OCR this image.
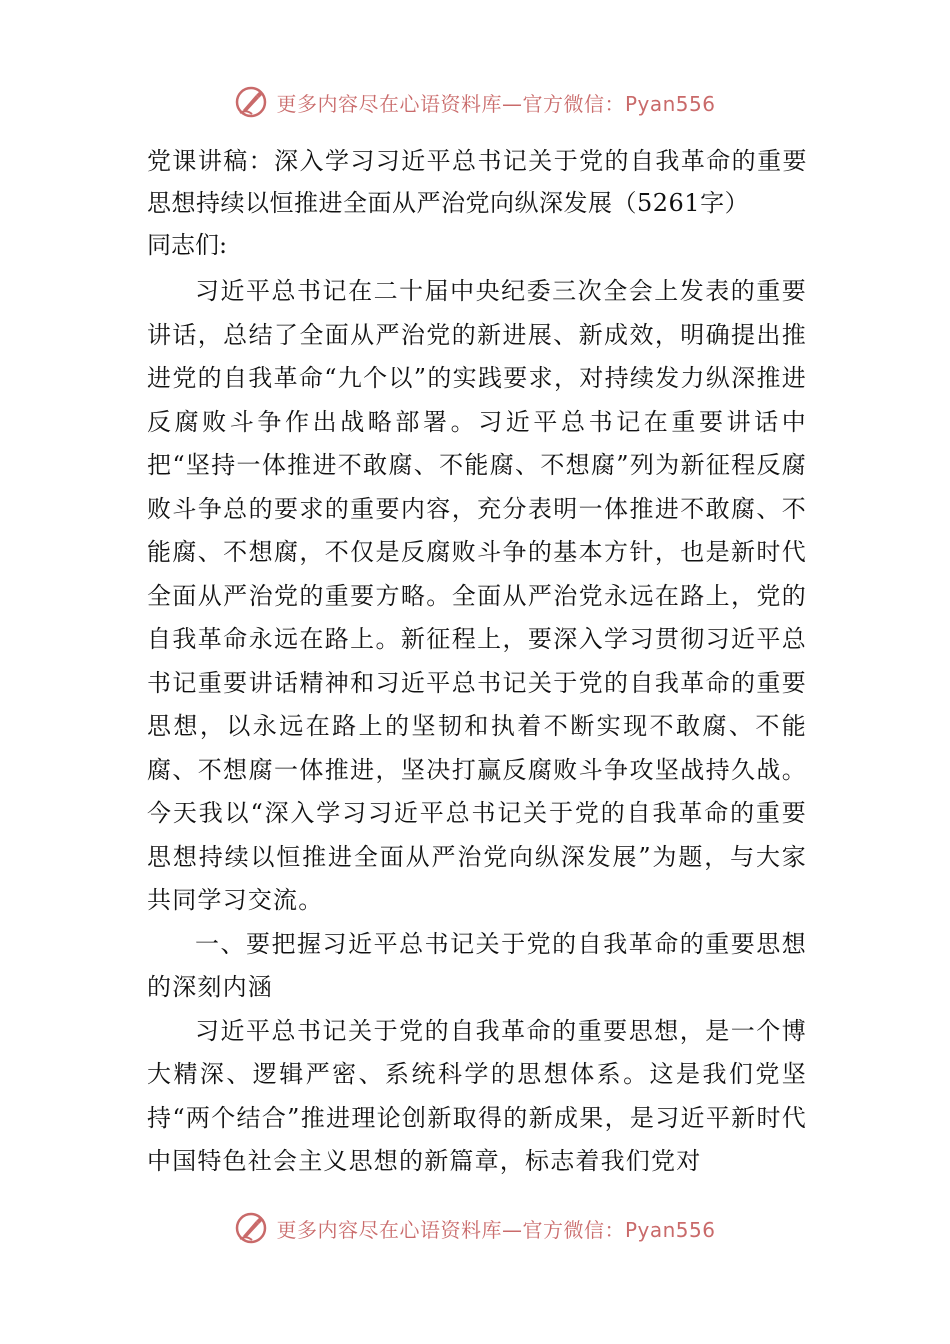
更多内容尽在心语资料库—官方微信：Pyan556

党课讲稿：深入学习习近平总书记关于党的自我革命的重要思想持续以恒推进全面从严治党向纵深发展（5261字）

同志们:

习近平总书记在二十届中央纪委三次全会上发表的重要讲话，总结了全面从严治党的新进展、新成效，明确提出推进党的自我革命“九个以”的实践要求，对持续发力纵深推进反腐败斗争作出战略部署。习近平总书记在重要讲话中把“坚持一体推进不敢腐、不能腐、不想腐”列为新征程反腐败斗争总的要求的重要内容，充分表明一体推进不敢腐、不能腐、不想腐，不仅是反腐败斗争的基本方针，也是新时代全面从严治党的重要方略。全面从严治党永远在路上，党的自我革命永远在路上。新征程上，要深入学习贯彻习近平总书记重要讲话精神和习近平总书记关于党的自我革命的重要思想，以永远在路上的坚韧和执着不断实现不敢腐、不能腐、不想腐一体推进，坚决打赢反腐败斗争攻坚战持久战。今天我以“深入学习习近平总书记关于党的自我革命的重要思想持续以恒推进全面从严治党向纵深发展”为题，与大家共同学习交流。

一、要把握习近平总书记关于党的自我革命的重要思想的深刻内涵

习近平总书记关于党的自我革命的重要思想，是一个博大精深、逻辑严密、系统科学的思想体系。这是我们党坚持“两个结合”推进理论创新取得的新成果，是习近平新时代中国特色社会主义思想的新篇章，标志着我们党对

更多内容尽在心语资料库—官方微信：Pyan556
